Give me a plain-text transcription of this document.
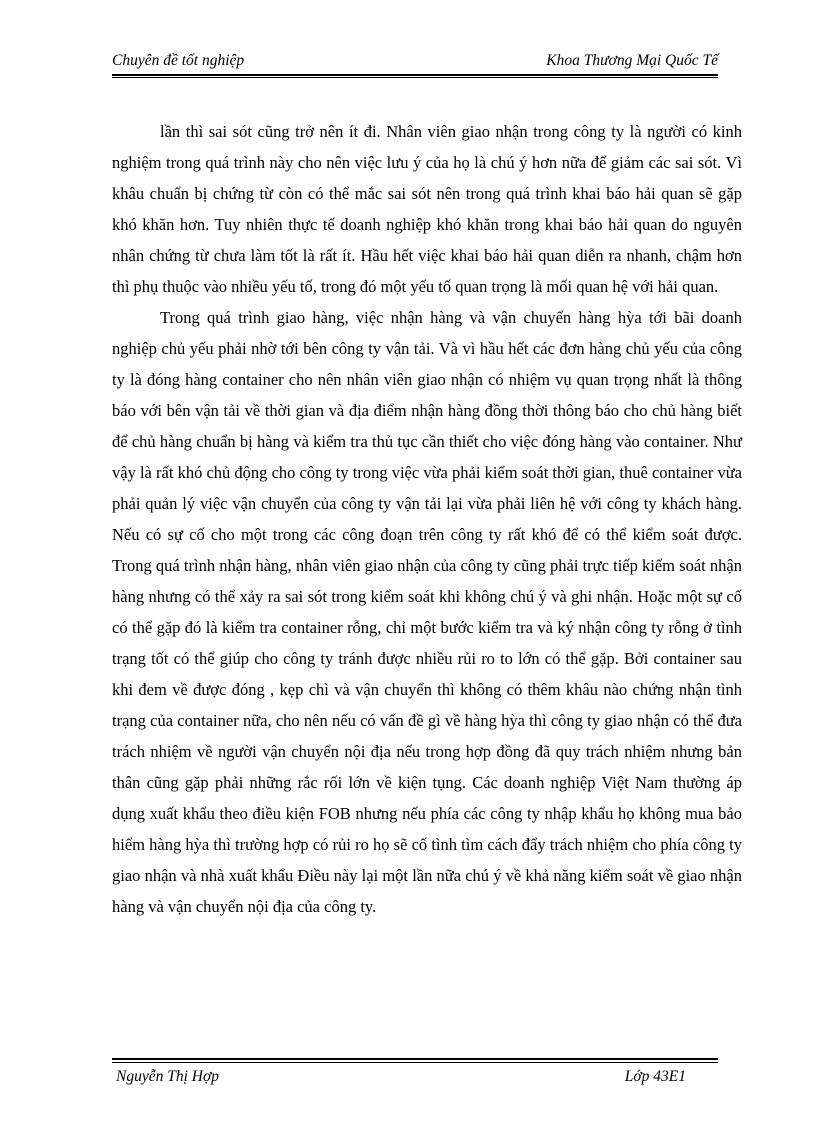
Chuyên đề tốt nghiệp	Khoa Thương Mại Quốc Tế

lần thì sai sót cũng trở nên ít đi. Nhân viên giao nhận trong công ty là người có kinh nghiệm trong quá trình này cho nên việc lưu ý của họ là chú ý hơn nữa để giảm các sai sót. Vì khâu chuẩn bị chứng từ còn có thể mắc sai sót nên trong quá trình khai báo hải quan sẽ gặp khó khăn hơn. Tuy nhiên thực tế doanh nghiệp khó khăn trong khai báo hải quan do nguyên nhân chứng từ chưa làm tốt là rất ít. Hầu hết việc khai báo hải quan diễn ra nhanh, chậm hơn thì phụ thuộc vào nhiều yếu tố, trong đó một yếu tố quan trọng là mối quan hệ với hải quan.

Trong quá trình giao hàng, việc nhận hàng và vận chuyển hàng hỳa tới bãi doanh nghiệp chủ yếu phải nhờ tới bên công ty vận tải. Và vì hầu hết các đơn hàng chủ yếu của công ty là đóng hàng container cho nên nhân viên giao nhận có nhiệm vụ quan trọng nhất là thông báo với bên vận tải về thời gian và địa điểm nhận hàng đồng thời thông báo cho chủ hàng biết để chủ hàng chuẩn bị hàng và kiểm tra thủ tục cần thiết cho việc đóng hàng vào container. Như vậy là rất khó chủ động cho công ty trong việc vừa phải kiểm soát thời gian, thuê container vừa phải quản lý việc vận chuyển của công ty vận tải lại vừa phải liên hệ với công ty khách hàng. Nếu có sự cố cho một trong các công đoạn trên công ty rất khó để có thể kiểm soát được. Trong quá trình nhận hàng, nhân viên giao nhận của công ty cũng phải trực tiếp kiểm soát nhận hàng nhưng có thể xảy ra sai sót trong kiểm soát khi không chú ý và ghi nhận. Hoặc một sự cố có thể gặp đó là kiểm tra container rỗng, chỉ một bước kiểm tra và ký nhận công ty rỗng ở tình trạng tốt có thể giúp cho công ty tránh được nhiều rủi ro to lớn có thể gặp. Bởi container sau khi đem về được đóng , kẹp chì và vận chuyển thì không có thêm khâu nào chứng nhận tình trạng của container nữa, cho nên nếu có vấn đề gì về hàng hỳa thì công ty giao nhận có thể đưa trách nhiệm về người vận chuyển nội địa nếu trong hợp đồng đã quy trách nhiệm nhưng bản thân cũng gặp phải những rắc rối lớn về kiện tụng. Các doanh nghiệp Việt Nam thường áp dụng xuất khẩu theo điều kiện FOB nhưng nếu phía các công ty nhập khẩu họ không mua bảo hiểm hàng hỳa thì trường hợp có rủi ro họ sẽ cố tình tìm cách đẩy trách nhiệm cho phía công ty giao nhận và nhà xuất khẩu Điều này lại một lần nữa chú ý về khả năng kiểm soát về giao nhận hàng và vận chuyển nội địa của công ty.

Nguyễn Thị Hợp	Lớp 43E1
